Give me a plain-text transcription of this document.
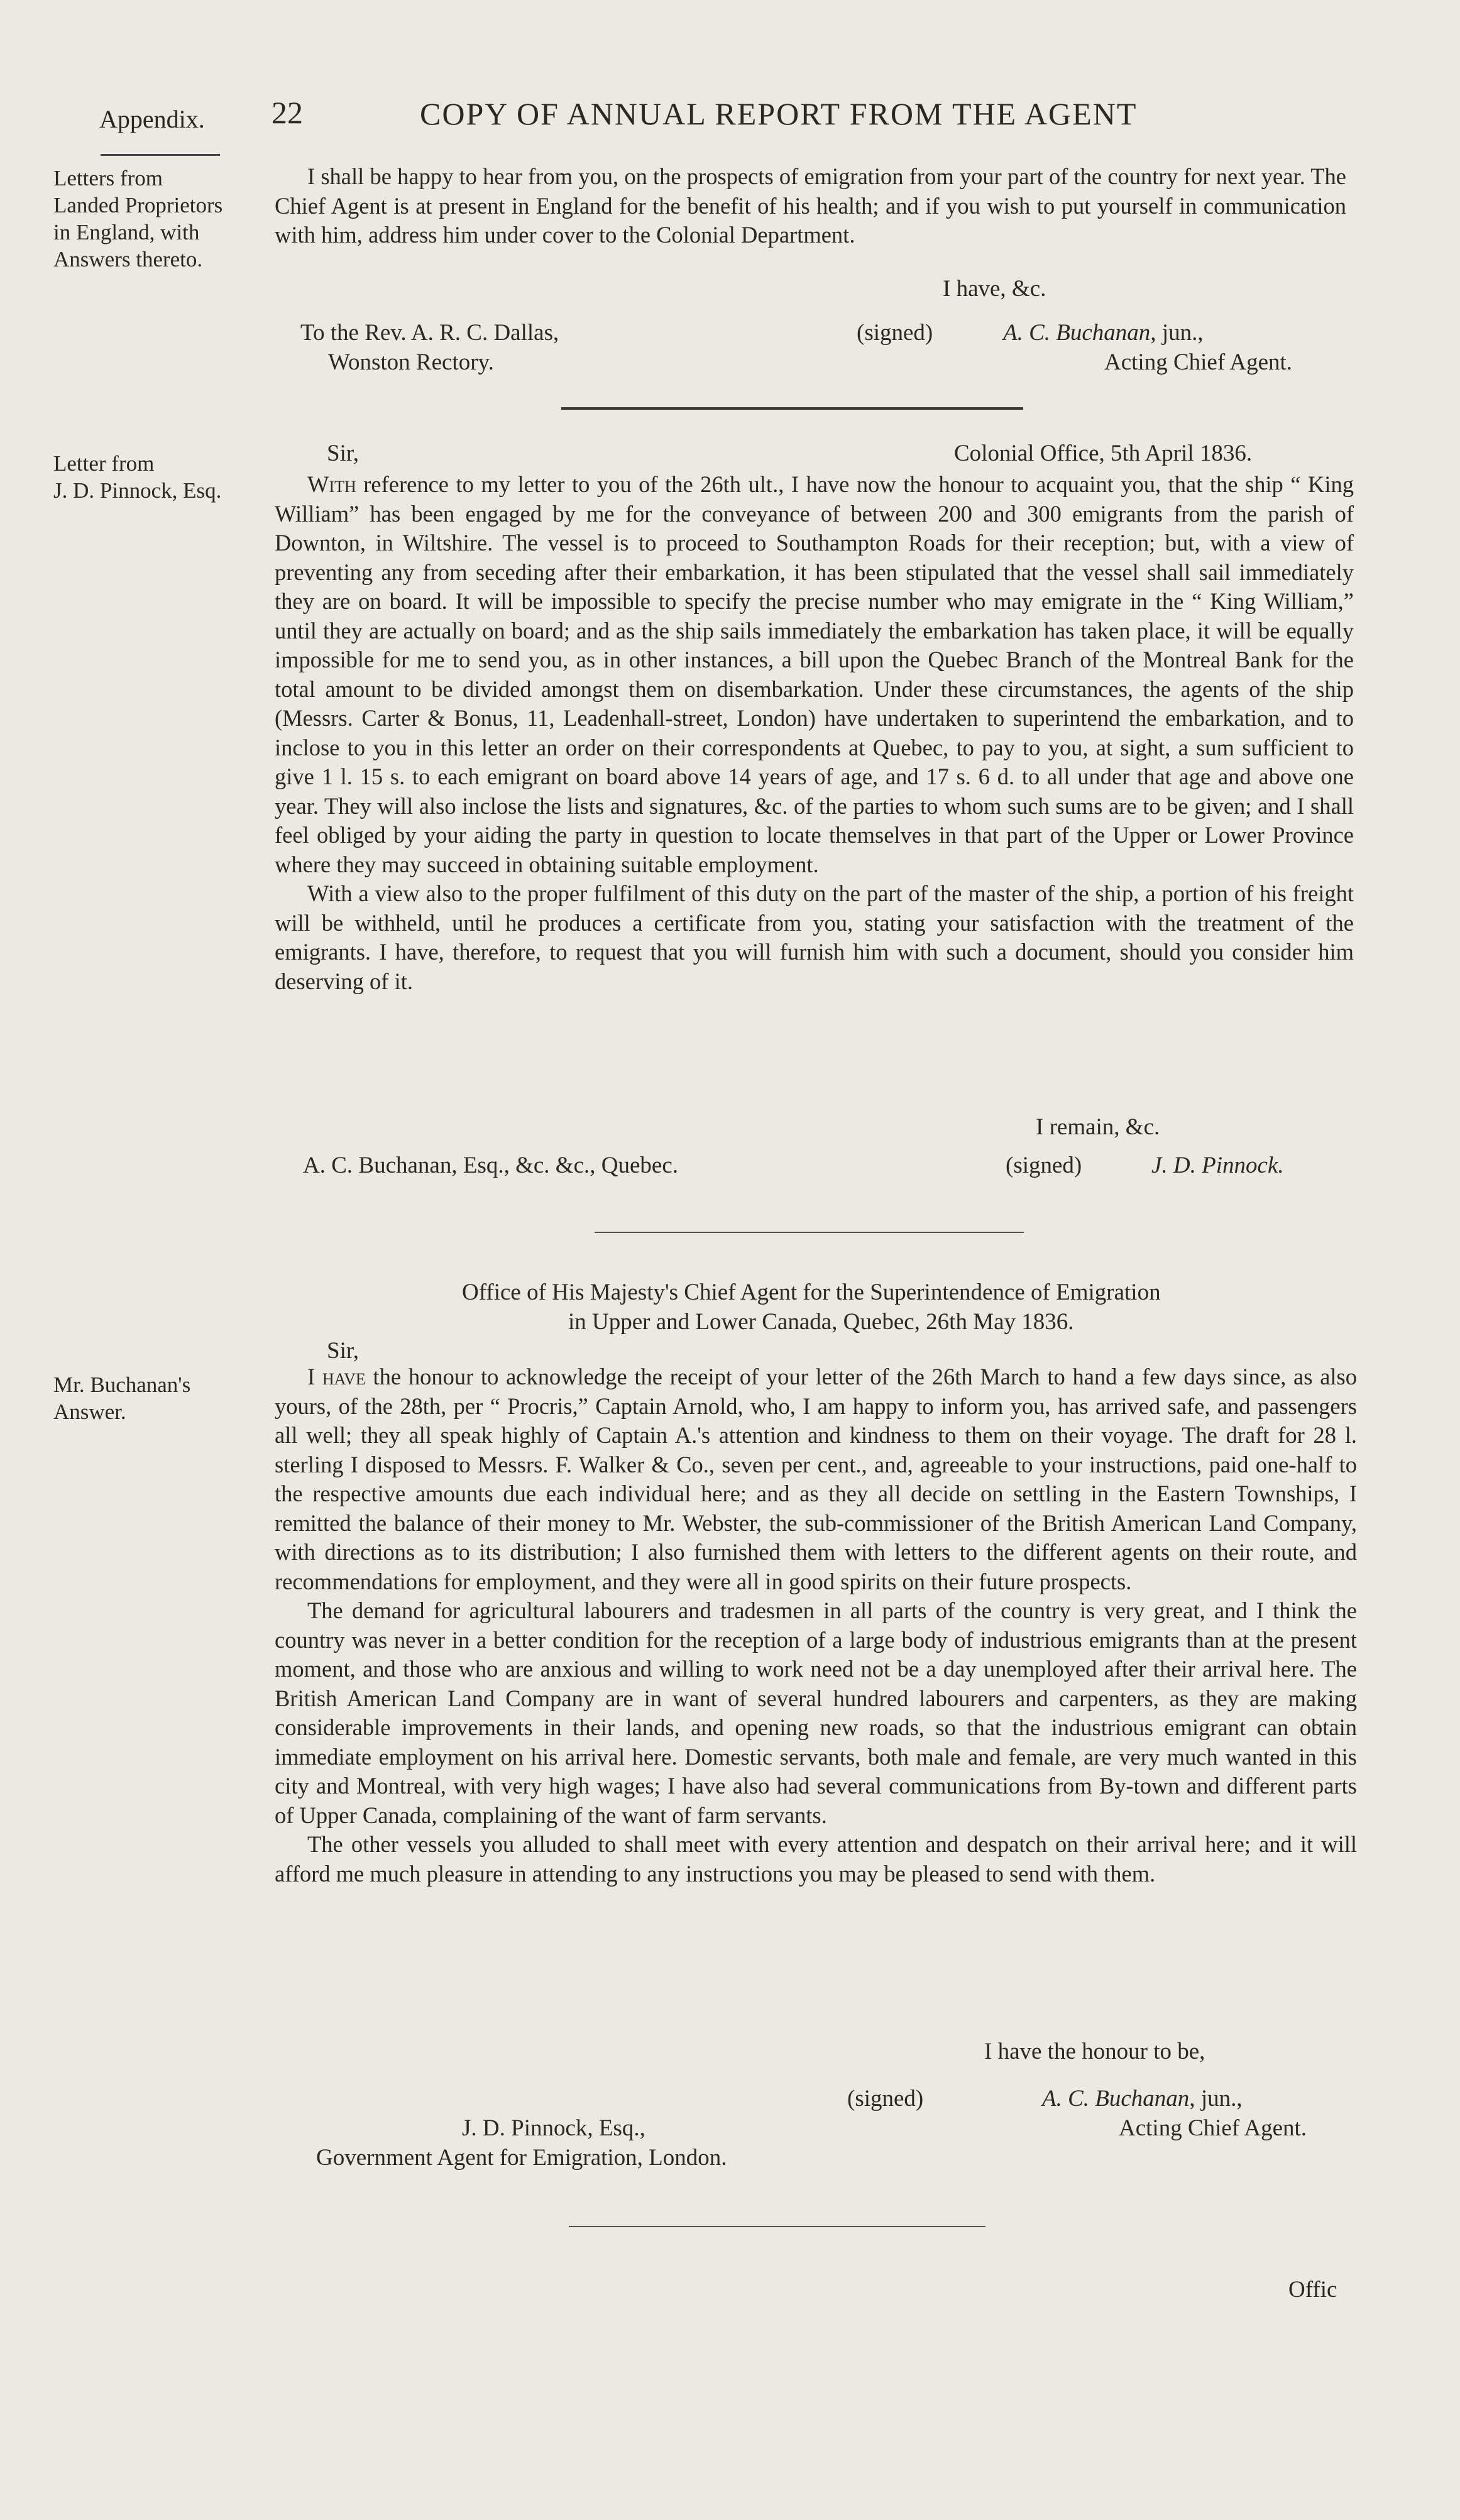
Appendix. 22	COPY OF ANNUAL REPORT FROM THE AGENT
Letters from
Landed Proprietors
in England, with
Answers thereto.

I shall be happy to hear from you, on the prospects of emigration from your part of the country for next year. The Chief Agent is at present in England for the benefit of his health; and if you wish to put yourself in communication with him, address him under cover to the Colonial Department.

I have, &c.
To the Rev. A. R. C. Dallas,
Wonston Rectory.
(signed)	A. C. Buchanan, jun.,
Acting Chief Agent.
Letter from
J. D. Pinnock, Esq.
Sir,	Colonial Office, 5th April 1836.

With reference to my letter to you of the 26th ult., I have now the honour to acquaint you, that the ship “ King William” has been engaged by me for the conveyance of between 200 and 300 emigrants from the parish of Downton, in Wiltshire. The vessel is to proceed to Southampton Roads for their reception; but, with a view of preventing any from seceding after their embarkation, it has been stipulated that the vessel shall sail immediately they are on board. It will be impossible to specify the precise number who may emigrate in the “ King William,” until they are actually on board; and as the ship sails immediately the embarkation has taken place, it will be equally impossible for me to send you, as in other instances, a bill upon the Quebec Branch of the Montreal Bank for the total amount to be divided amongst them on disembarkation. Under these circumstances, the agents of the ship (Messrs. Carter & Bonus, 11, Leadenhall-street, London) have undertaken to superintend the embarkation, and to inclose to you in this letter an order on their correspondents at Quebec, to pay to you, at sight, a sum sufficient to give 1 l. 15 s. to each emigrant on board above 14 years of age, and 17 s. 6 d. to all under that age and above one year. They will also inclose the lists and signatures, &c. of the parties to whom such sums are to be given; and I shall feel obliged by your aiding the party in question to locate themselves in that part of the Upper or Lower Province where they may succeed in obtaining suitable employment.

With a view also to the proper fulfilment of this duty on the part of the master of the ship, a portion of his freight will be withheld, until he produces a certificate from you, stating your satisfaction with the treatment of the emigrants. I have, therefore, to request that you will furnish him with such a document, should you consider him deserving of it.

I remain, &c.
A. C. Buchanan, Esq., &c. &c., Quebec.	(signed)	J. D. Pinnock.
Office of His Majesty's Chief Agent for the Superintendence of Emigration
in Upper and Lower Canada, Quebec, 26th May 1836.
Sir,
Mr. Buchanan's
Answer.

I have the honour to acknowledge the receipt of your letter of the 26th March to hand a few days since, as also yours, of the 28th, per “ Procris,” Captain Arnold, who, I am happy to inform you, has arrived safe, and passengers all well; they all speak highly of Captain A.'s attention and kindness to them on their voyage. The draft for 28 l. sterling I disposed to Messrs. F. Walker & Co., seven per cent., and, agreeable to your instructions, paid one-half to the respective amounts due each individual here; and as they all decide on settling in the Eastern Townships, I remitted the balance of their money to Mr. Webster, the sub-commissioner of the British American Land Company, with directions as to its distribution; I also furnished them with letters to the different agents on their route, and recommendations for employment, and they were all in good spirits on their future prospects.

The demand for agricultural labourers and tradesmen in all parts of the country is very great, and I think the country was never in a better condition for the reception of a large body of industrious emigrants than at the present moment, and those who are anxious and willing to work need not be a day unemployed after their arrival here. The British American Land Company are in want of several hundred labourers and carpenters, as they are making considerable improvements in their lands, and opening new roads, so that the industrious emigrant can obtain immediate employment on his arrival here. Domestic servants, both male and female, are very much wanted in this city and Montreal, with very high wages; I have also had several communications from By-town and different parts of Upper Canada, complaining of the want of farm servants.

The other vessels you alluded to shall meet with every attention and despatch on their arrival here; and it will afford me much pleasure in attending to any instructions you may be pleased to send with them.

I have the honour to be,
(signed)	A. C. Buchanan, jun.,
J. D. Pinnock, Esq.,	Acting Chief Agent.
Government Agent for Emigration, London.
Offic
